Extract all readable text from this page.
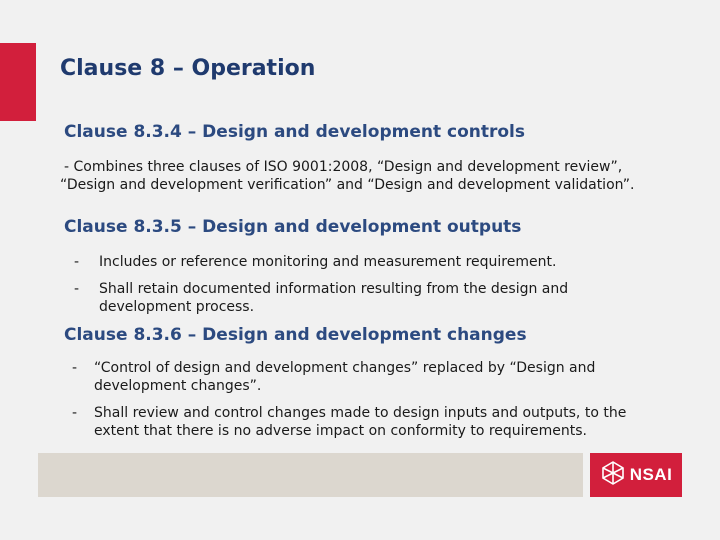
Clause 8 – Operation
Clause 8.3.4 – Design and development controls
- Combines three clauses of ISO 9001:2008, “Design and development review”,
“Design and development verification” and “Design and development validation”.
Clause 8.3.5 – Design and development outputs
- Includes or reference monitoring and measurement requirement.
- Shall retain documented information resulting from the design and
development process.
Clause 8.3.6 – Design and development changes
- “Control of design and development changes” replaced by “Design and
development changes”.
- Shall review and control changes made to design inputs and outputs, to the
extent that there is no adverse impact on conformity to requirements.
NSAI
